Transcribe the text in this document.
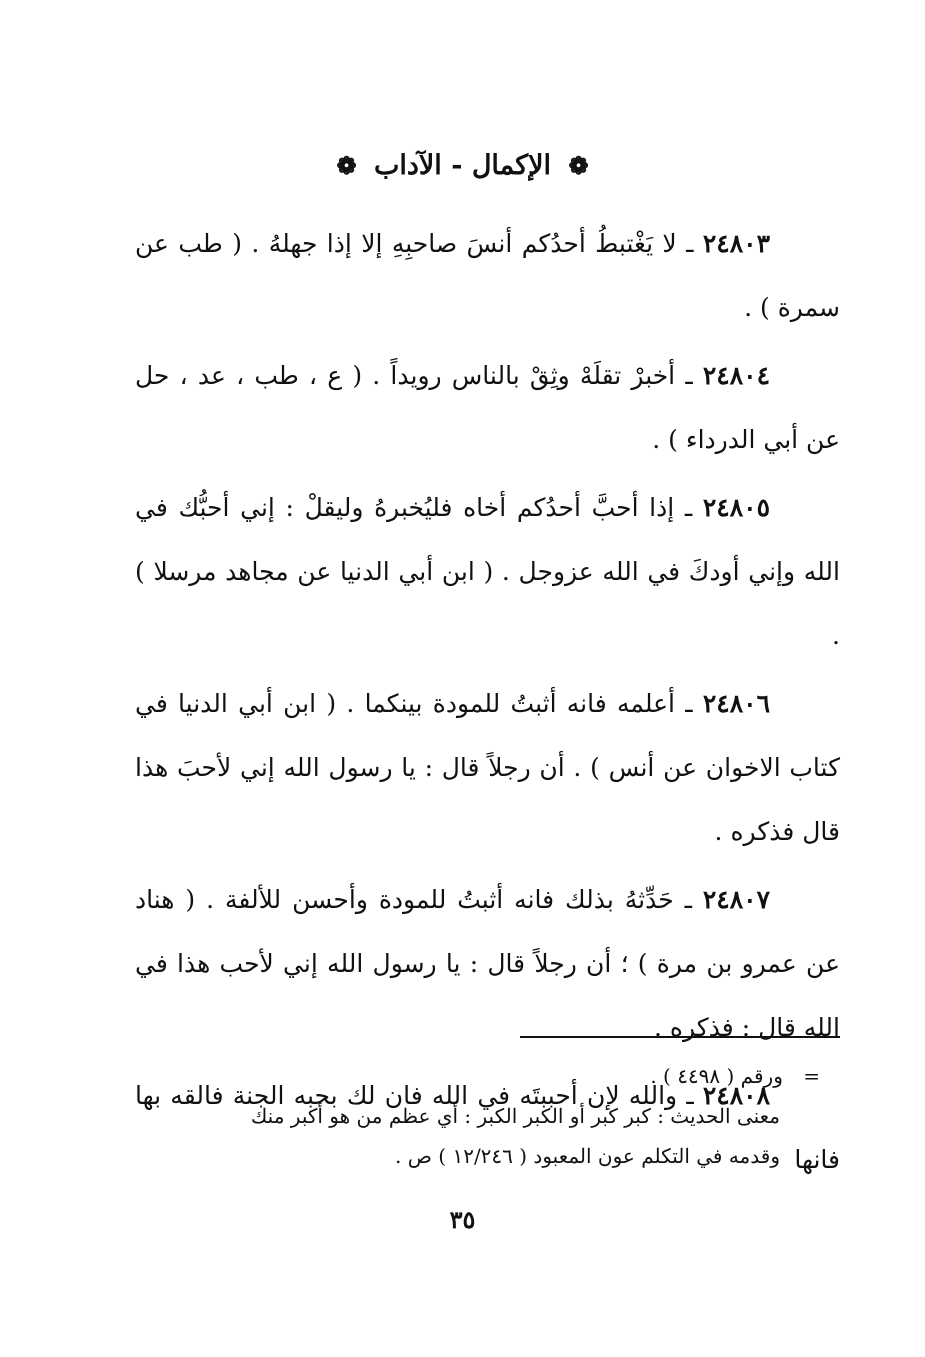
❁ الإكمال - الآداب ❁

٢٤٨٠٣ ـ لا يَغْتبطُ أحدُكم أنسَ صاحبِهِ إلا إذا جهلهُ . ( طب عن سمرة ) .

٢٤٨٠٤ ـ أخبرْ تقلَهْ وثِقْ بالناس رويداً . ( ع ، طب ، عد ، حل عن أبي الدرداء ) .

٢٤٨٠٥ ـ إذا أحبَّ أحدُكم أخاه فليُخبرهُ وليقلْ : إني أحبُّك في الله وإني أودكَ في الله عزوجل . ( ابن أبي الدنيا عن مجاهد مرسلا ) .

٢٤٨٠٦ ـ أعلمه فانه أثبتُ للمودة بينكما . ( ابن أبي الدنيا في كتاب الاخوان عن أنس ) . أن رجلاً قال : يا رسول الله إني لأحبَ هذا قال فذكره .

٢٤٨٠٧ ـ حَدِّثهُ بذلك فانه أثبتُ للمودة وأحسن للألفة . ( هناد عن عمرو بن مرة ) ؛ أن رجلاً قال : يا رسول الله إني لأحب هذا في الله قال : فذكره .

٢٤٨٠٨ ـ والله لإن أحببتَه في الله فان لك بحبه الجنة فالقه بها فانها

= ورقم ( ٤٤٩٨ ) .
معنى الحديث : كبر كبر أو الكبر الكبر : أي عظم من هو أكبر منك
وقدمه في التكلم عون المعبود ( ١٢/٢٤٦ ) ص .
٣٥
